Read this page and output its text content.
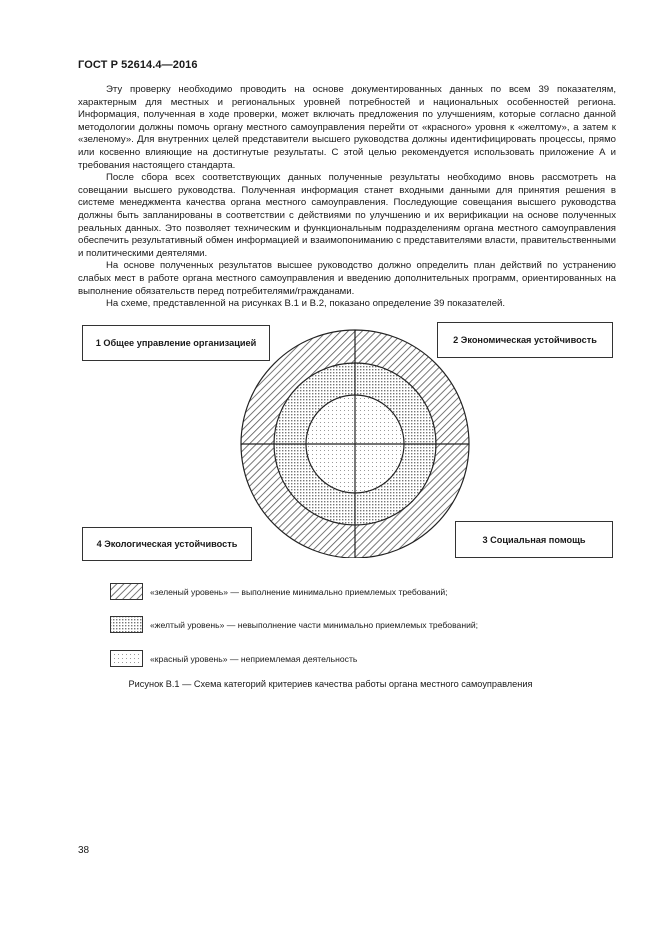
ГОСТ Р 52614.4—2016

Эту проверку необходимо проводить на основе документированных данных по всем 39 показателям, характерным для местных и региональных уровней потребностей и национальных особенностей региона. Информация, полученная в ходе проверки, может включать предложения по улучшениям, которые согласно данной методологии должны помочь органу местного самоуправления перейти от «красного» уровня к «желтому», а затем к «зеленому». Для внутренних целей представители высшего руководства должны идентифицировать процессы, прямо или косвенно влияющие на достигнутые результаты. С этой целью рекомендуется использовать приложение А и требования настоящего стандарта.

После сбора всех соответствующих данных полученные результаты необходимо вновь рассмотреть на совещании высшего руководства. Полученная информация станет входными данными для принятия решения в системе менеджмента качества органа местного самоуправления. Последующие совещания высшего руководства должны быть запланированы в соответствии с действиями по улучшению и их верификации на основе полученных реальных данных. Это позволяет техническим и функциональным подразделениям органа местного самоуправления обеспечить результативный обмен информацией и взаимопониманию с представителями власти, правительственными и политическими деятелями.

На основе полученных результатов высшее руководство должно определить план действий по устранению слабых мест в работе органа местного самоуправления и введению дополнительных программ, ориентированных на выполнение обязательств перед потребителями/гражданами.

На схеме, представленной на рисунках В.1 и В.2, показано определение 39 показателей.

1 Общее управление организацией	2 Экономическая устойчивость
3 Социальная помощь
4 Экологическая устойчивость
«зеленый уровень» — выполнение минимально приемлемых требований;
«желтый уровень» — невыполнение части минимально приемлемых требований;
«красный уровень» — неприемлемая деятельность
Рисунок В.1 — Схема категорий критериев качества работы органа местного самоуправления
38
